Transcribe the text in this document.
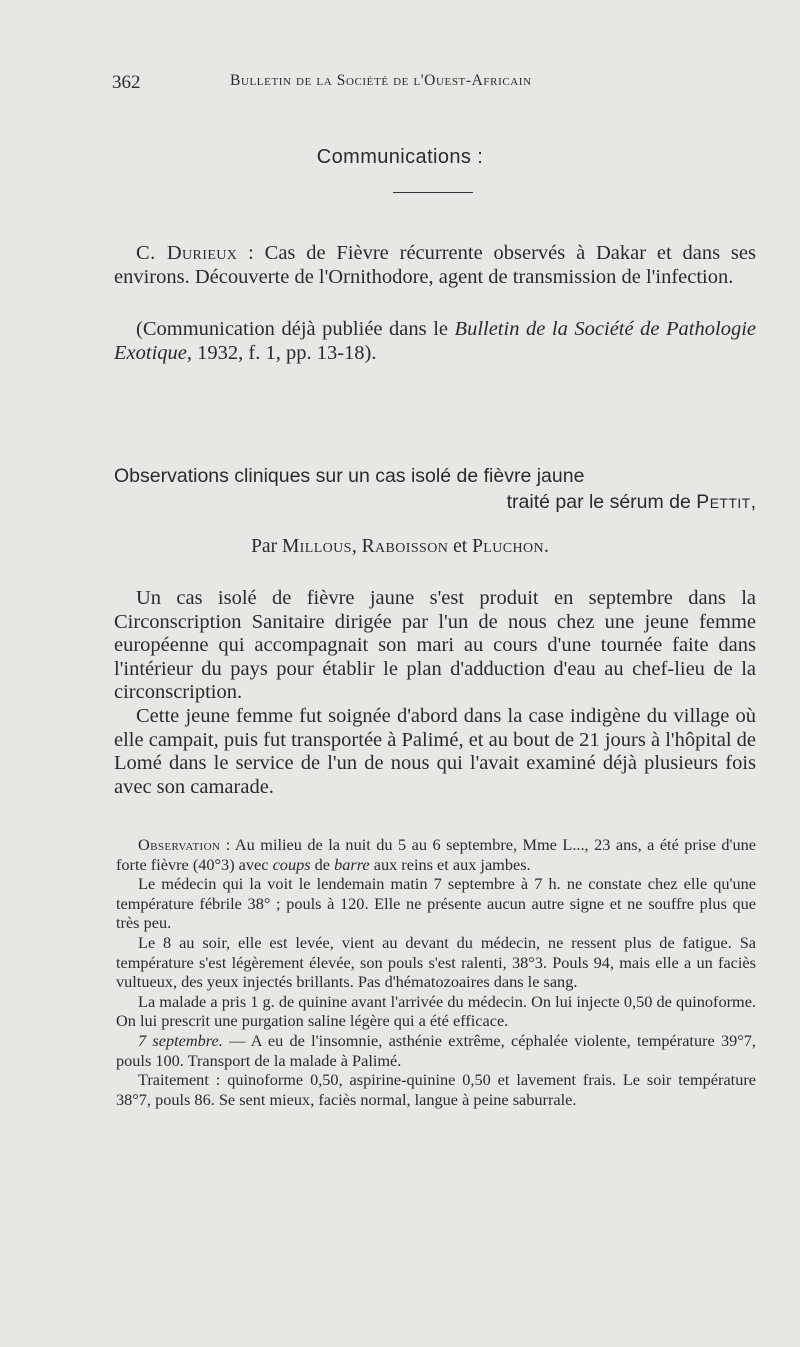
362	Bulletin de la Société de l'Ouest-Africain
Communications :

C. Durieux : Cas de Fièvre récurrente observés à Dakar et dans ses environs. Découverte de l'Ornithodore, agent de transmission de l'infection.

(Communication déjà publiée dans le Bulletin de la Société de Pathologie Exotique, 1932, f. 1, pp. 13-18).

Observations cliniques sur un cas isolé de fièvre jaune
traité par le sérum de Pettit,
Par Millous, Raboisson et Pluchon.

Un cas isolé de fièvre jaune s'est produit en septembre dans la Circonscription Sanitaire dirigée par l'un de nous chez une jeune femme européenne qui accompagnait son mari au cours d'une tournée faite dans l'intérieur du pays pour établir le plan d'adduction d'eau au chef-lieu de la circonscription.

Cette jeune femme fut soignée d'abord dans la case indigène du village où elle campait, puis fut transportée à Palimé, et au bout de 21 jours à l'hôpital de Lomé dans le service de l'un de nous qui l'avait examiné déjà plusieurs fois avec son camarade.

Observation : Au milieu de la nuit du 5 au 6 septembre, Mme L..., 23 ans, a été prise d'une forte fièvre (40°3) avec coups de barre aux reins et aux jambes.

Le médecin qui la voit le lendemain matin 7 septembre à 7 h. ne constate chez elle qu'une température fébrile 38° ; pouls à 120. Elle ne présente aucun autre signe et ne souffre plus que très peu.

Le 8 au soir, elle est levée, vient au devant du médecin, ne ressent plus de fatigue. Sa température s'est légèrement élevée, son pouls s'est ralenti, 38°3. Pouls 94, mais elle a un faciès vultueux, des yeux injectés brillants. Pas d'hématozoaires dans le sang.

La malade a pris 1 g. de quinine avant l'arrivée du médecin. On lui injecte 0,50 de quinoforme. On lui prescrit une purgation saline légère qui a été efficace.

7 septembre. — A eu de l'insomnie, asthénie extrême, céphalée violente, température 39°7, pouls 100. Transport de la malade à Palimé.

Traitement : quinoforme 0,50, aspirine-quinine 0,50 et lavement frais. Le soir température 38°7, pouls 86. Se sent mieux, faciès normal, langue à peine saburrale.
